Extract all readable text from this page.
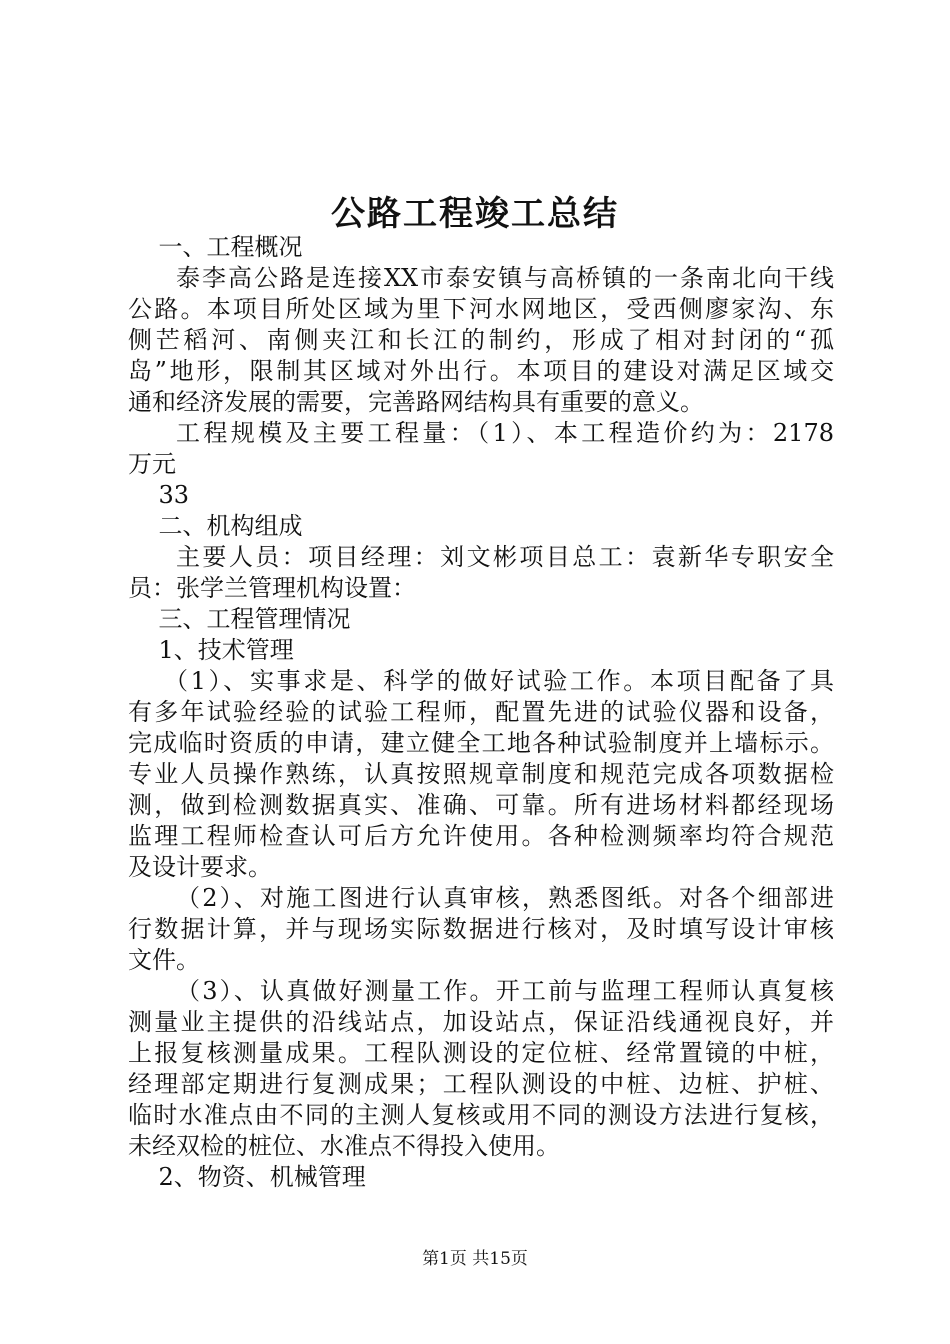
公路工程竣工总结
一、工程概况
泰李高公路是连接XX市泰安镇与高桥镇的一条南北向干线
公路。本项目所处区域为里下河水网地区，受西侧廖家沟、东
侧芒稻河、南侧夹江和长江的制约，形成了相对封闭的“孤
岛”地形，限制其区域对外出行。本项目的建设对满足区域交
通和经济发展的需要，完善路网结构具有重要的意义。
工程规模及主要工程量：（1）、本工程造价约为：2178
万元
33
二、机构组成
主要人员：项目经理：刘文彬项目总工：袁新华专职安全
员：张学兰管理机构设置：
三、工程管理情况
1、技术管理
（1）、实事求是、科学的做好试验工作。本项目配备了具
有多年试验经验的试验工程师，配置先进的试验仪器和设备，
完成临时资质的申请，建立健全工地各种试验制度并上墙标示。
专业人员操作熟练，认真按照规章制度和规范完成各项数据检
测，做到检测数据真实、准确、可靠。所有进场材料都经现场
监理工程师检查认可后方允许使用。各种检测频率均符合规范
及设计要求。
（2）、对施工图进行认真审核，熟悉图纸。对各个细部进
行数据计算，并与现场实际数据进行核对，及时填写设计审核
文件。
（3）、认真做好测量工作。开工前与监理工程师认真复核
测量业主提供的沿线站点，加设站点，保证沿线通视良好，并
上报复核测量成果。工程队测设的定位桩、经常置镜的中桩，
经理部定期进行复测成果；工程队测设的中桩、边桩、护桩、
临时水准点由不同的主测人复核或用不同的测设方法进行复核，
未经双检的桩位、水准点不得投入使用。
2、物资、机械管理
第1页 共15页
